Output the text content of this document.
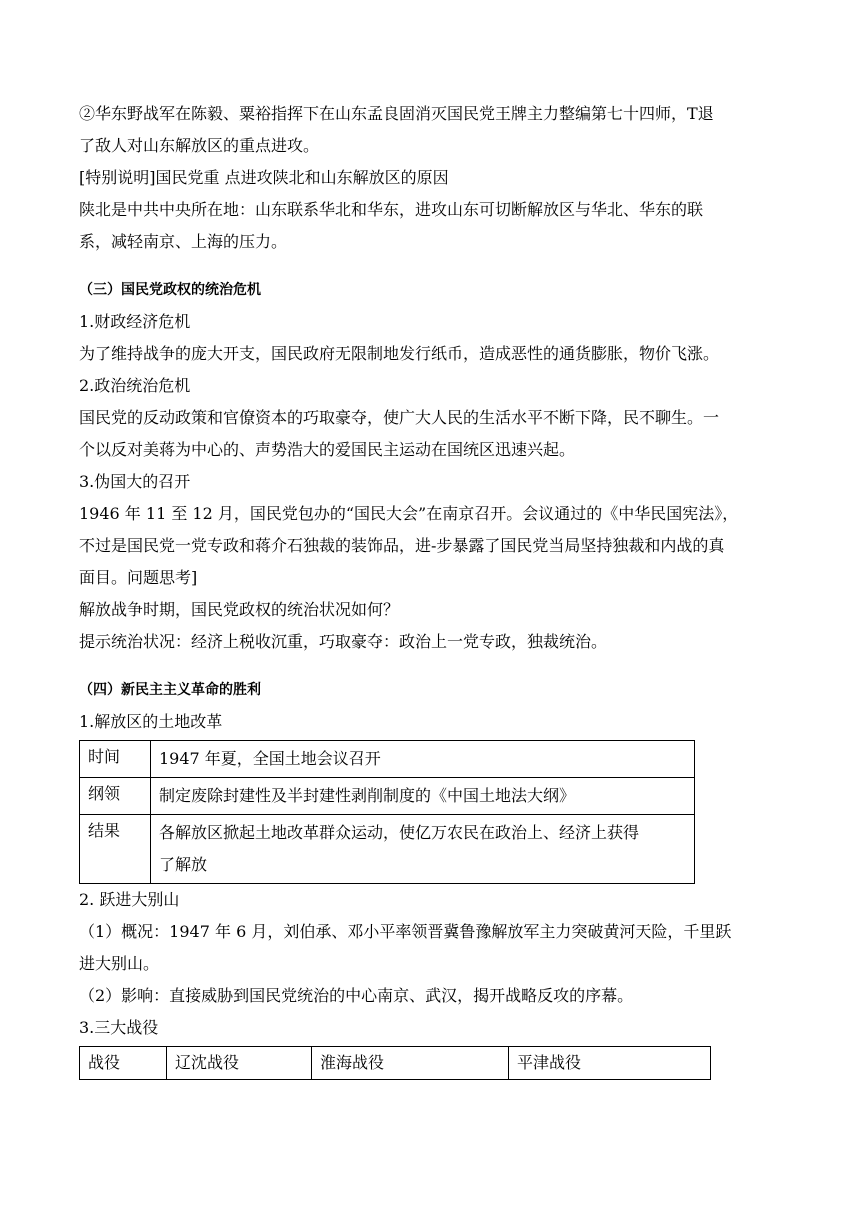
②华东野战军在陈毅、粟裕指挥下在山东孟良固消灭国民党王牌主力整编第七十四师，T退

了敌人对山东解放区的重点进攻。

[特别说明]国民党重 点进攻陕北和山东解放区的原因

陕北是中共中央所在地：山东联系华北和华东，进攻山东可切断解放区与华北、华东的联

系，减轻南京、上海的压力。

（三）国民党政权的统治危机

1.财政经济危机

为了维持战争的庞大开支，国民政府无限制地发行纸币，造成恶性的通货膨胀，物价飞涨。

2.政治统治危机

国民党的反动政策和官僚资本的巧取豪夺，使广大人民的生活水平不断下降，民不聊生。一

个以反对美蒋为中心的、声势浩大的爱国民主运动在国统区迅速兴起。

3.伪国大的召开

1946 年 11 至 12 月，国民党包办的“国民大会”在南京召开。会议通过的《中华民国宪法》，

不过是国民党一党专政和蒋介石独裁的装饰品，进-步暴露了国民党当局坚持独裁和内战的真

面目。问题思考]

解放战争时期，国民党政权的统治状况如何？

提示统治状况：经济上税收沉重，巧取豪夺：政治上一党专政，独裁统治。

（四）新民主主义革命的胜利

1.解放区的土地改革

时间	1947 年夏，全国土地会议召开
纲领	制定废除封建性及半封建性剥削制度的《中国土地法大纲》
结果	各解放区掀起土地改革群众运动，使亿万农民在政治上、经济上获得
了解放

2. 跃进大别山

（1）概况：1947 年 6 月，刘伯承、邓小平率领晋冀鲁豫解放军主力突破黄河天险，千里跃

进大别山。

（2）影响：直接威胁到国民党统治的中心南京、武汉，揭开战略反攻的序幕。

3.三大战役

战役	辽沈战役	淮海战役	平津战役
